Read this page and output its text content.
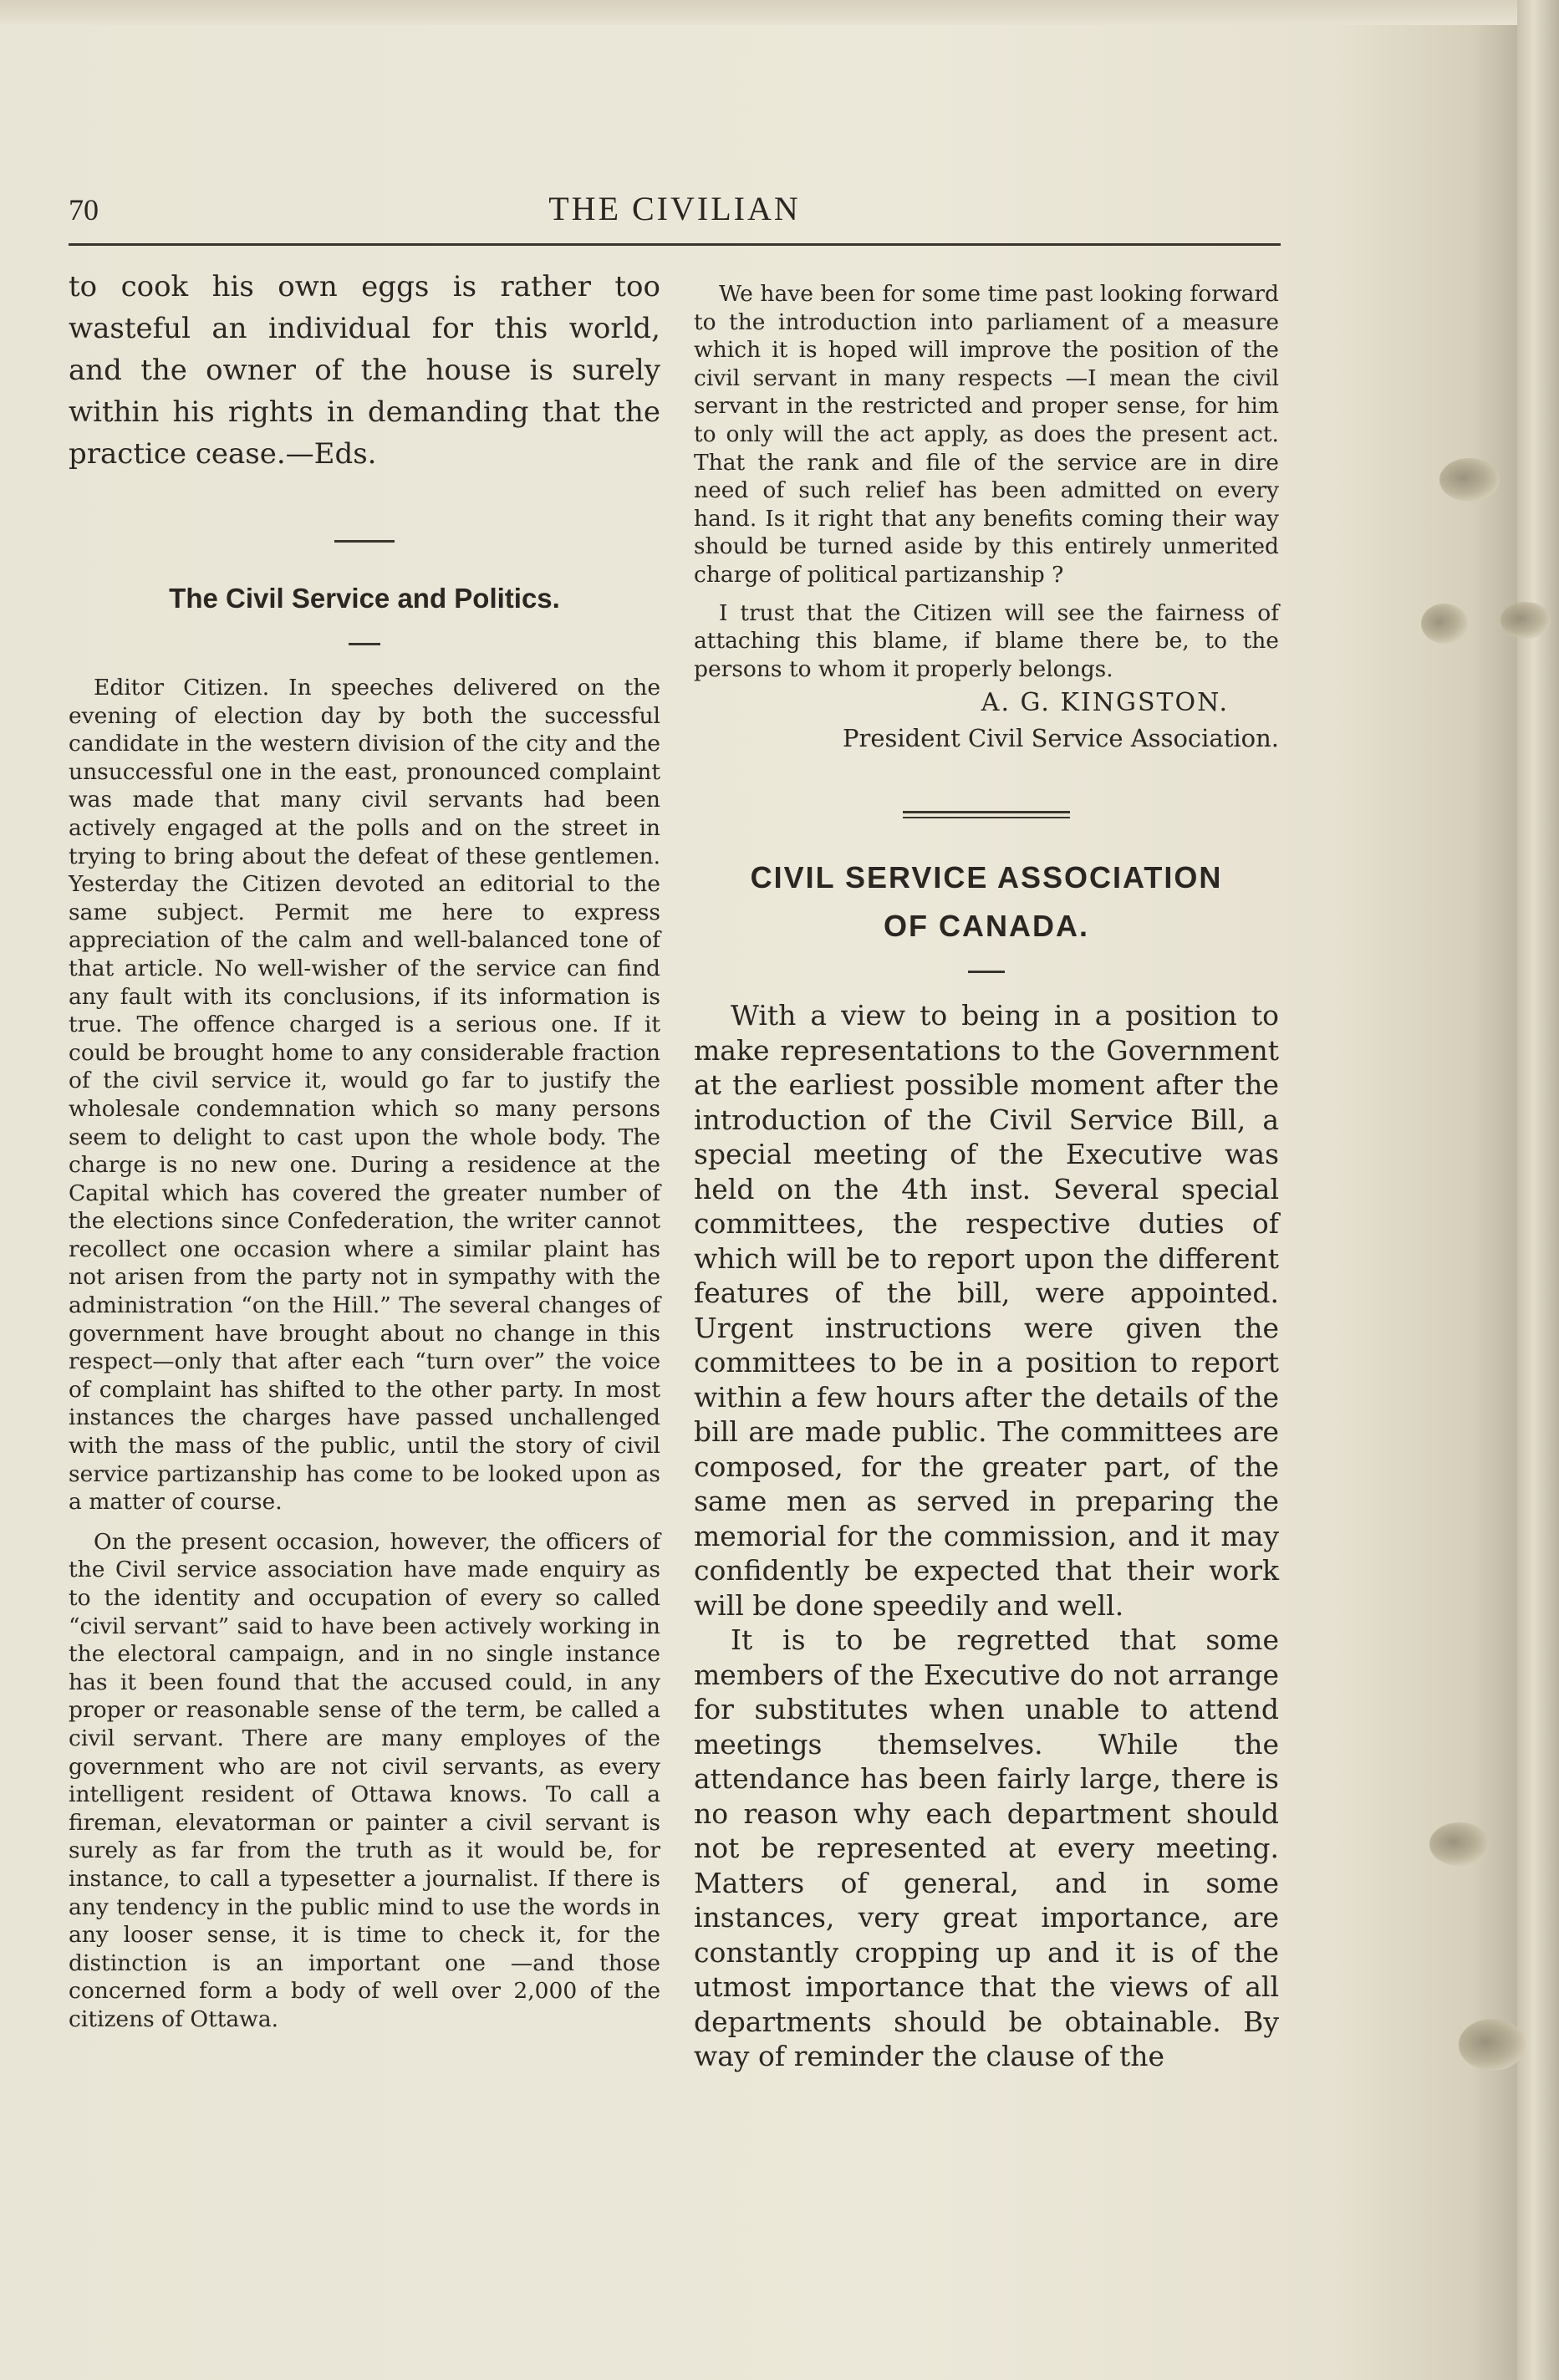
70	THE CIVILIAN

to cook his own eggs is rather too wasteful an individual for this world, and the owner of the house is surely within his rights in demanding that the practice cease.—Eds.

The Civil Service and Politics.

Editor Citizen. In speeches delivered on the evening of election day by both the successful candidate in the western division of the city and the unsuccessful one in the east, pronounced complaint was made that many civil servants had been actively engaged at the polls and on the street in trying to bring about the defeat of these gentlemen. Yesterday the Citizen devoted an editorial to the same subject. Permit me here to express appreciation of the calm and well-balanced tone of that article. No well-wisher of the service can find any fault with its conclusions, if its information is true. The offence charged is a serious one. If it could be brought home to any considerable fraction of the civil service it, would go far to justify the wholesale condemnation which so many persons seem to delight to cast upon the whole body. The charge is no new one. During a residence at the Capital which has covered the greater number of the elections since Confederation, the writer cannot recollect one occasion where a similar plaint has not arisen from the party not in sympathy with the administration “on the Hill.” The several changes of government have brought about no change in this respect—only that after each “turn over” the voice of complaint has shifted to the other party. In most instances the charges have passed unchallenged with the mass of the public, until the story of civil service partizanship has come to be looked upon as a matter of course.

On the present occasion, however, the officers of the Civil service association have made enquiry as to the identity and occupation of every so called “civil servant” said to have been actively working in the electoral campaign, and in no single instance has it been found that the accused could, in any proper or reasonable sense of the term, be called a civil servant. There are many employes of the government who are not civil servants, as every intelligent resident of Ottawa knows. To call a fireman, elevatorman or painter a civil servant is surely as far from the truth as it would be, for instance, to call a typesetter a journalist. If there is any tendency in the public mind to use the words in any looser sense, it is time to check it, for the distinction is an important one —and those concerned form a body of well over 2,000 of the citizens of Ottawa.

We have been for some time past looking forward to the introduction into parliament of a measure which it is hoped will improve the position of the civil servant in many respects —I mean the civil servant in the restricted and proper sense, for him to only will the act apply, as does the present act. That the rank and file of the service are in dire need of such relief has been admitted on every hand. Is it right that any benefits coming their way should be turned aside by this entirely unmerited charge of political partizanship ?

I trust that the Citizen will see the fairness of attaching this blame, if blame there be, to the persons to whom it properly belongs.

A. G. KINGSTON.
President Civil Service Association.
CIVIL SERVICE ASSOCIATION
OF CANADA.

With a view to being in a position to make representations to the Government at the earliest possible moment after the introduction of the Civil Service Bill, a special meeting of the Executive was held on the 4th inst. Several special committees, the respective duties of which will be to report upon the different features of the bill, were appointed. Urgent instructions were given the committees to be in a position to report within a few hours after the details of the bill are made public. The committees are composed, for the greater part, of the same men as served in preparing the memorial for the commission, and it may confidently be expected that their work will be done speedily and well.

It is to be regretted that some members of the Executive do not arrange for substitutes when unable to attend meetings themselves. While the attendance has been fairly large, there is no reason why each department should not be represented at every meeting. Matters of general, and in some instances, very great importance, are constantly cropping up and it is of the utmost importance that the views of all departments should be obtainable. By way of reminder the clause of the
